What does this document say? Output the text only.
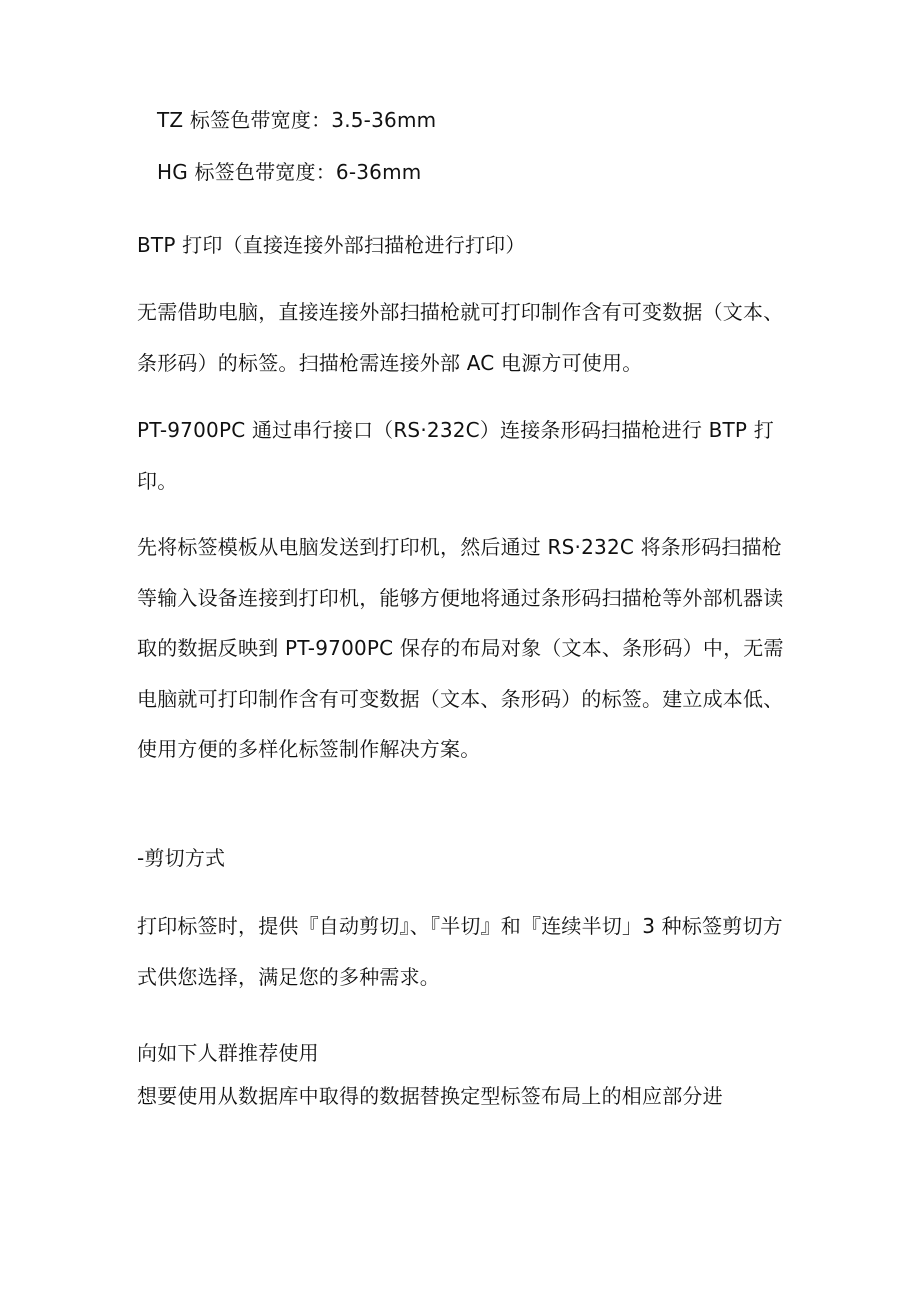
TZ 标签色带宽度：3.5-36mm
HG 标签色带宽度：6-36mm
BTP 打印（直接连接外部扫描枪进行打印）
无需借助电脑，直接连接外部扫描枪就可打印制作含有可变数据（文本、条形码）的标签。扫描枪需连接外部 AC 电源方可使用。
PT-9700PC 通过串行接口（RS·232C）连接条形码扫描枪进行 BTP 打印。
先将标签模板从电脑发送到打印机，然后通过 RS·232C 将条形码扫描枪等输入设备连接到打印机，能够方便地将通过条形码扫描枪等外部机器读取的数据反映到 PT-9700PC 保存的布局对象（文本、条形码）中，无需电脑就可打印制作含有可变数据（文本、条形码）的标签。建立成本低、使用方便的多样化标签制作解决方案。
-剪切方式
打印标签时，提供『自动剪切』、『半切』和『连续半切」3 种标签剪切方式供您选择，满足您的多种需求。
向如下人群推荐使用
想要使用从数据库中取得的数据替换定型标签布局上的相应部分进
